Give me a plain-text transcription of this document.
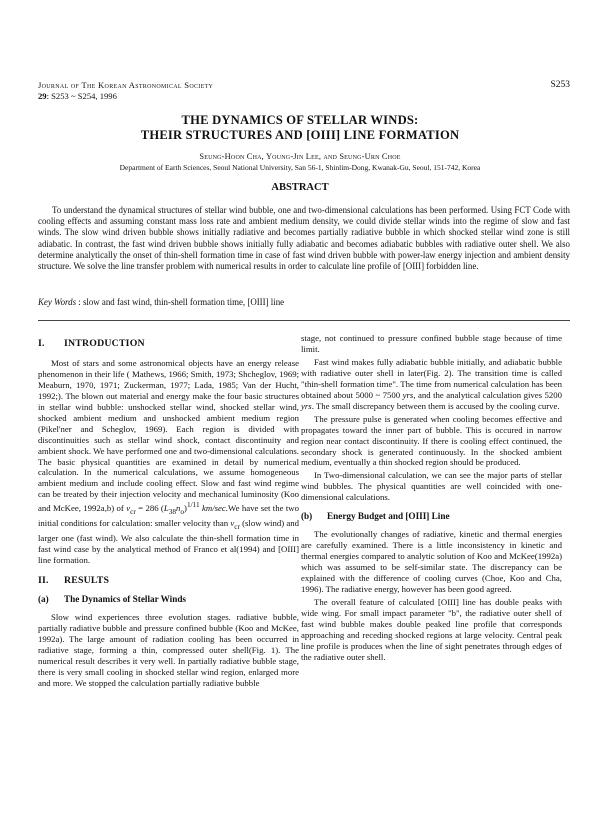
Journal of The Korean Astronomical Society
29: S253 ~ S254, 1996
S253
THE DYNAMICS OF STELLAR WINDS:
THEIR STRUCTURES AND [OIII] LINE FORMATION
Seung-Hoon Cha, Young-Jin Lee, and Seung-Urn Choe
Department of Earth Sciences, Seoul National University, San 56-1, Shinlim-Dong, Kwanak-Gu, Seoul, 151-742, Korea
ABSTRACT

To understand the dynamical structures of stellar wind bubble, one and two-dimensional calculations has been performed. Using FCT Code with cooling effects and assuming constant mass loss rate and ambient medium density, we could divide stellar winds into the regime of slow and fast winds. The slow wind driven bubble shows initially radiative and becomes partially radiative bubble in which shocked stellar wind zone is still adiabatic. In contrast, the fast wind driven bubble shows initially fully adiabatic and becomes adiabatic bubbles with radiative outer shell. We also determine analytically the onset of thin-shell formation time in case of fast wind driven bubble with power-law energy injection and ambient density structure. We solve the line transfer problem with numerical results in order to calculate line profile of [OIII] forbidden line.

Key Words : slow and fast wind, thin-shell formation time, [OIII] line
I. INTRODUCTION

Most of stars and some astronomical objects have an energy release phenomenon in their life ( Mathews, 1966; Smith, 1973; Shcheglov, 1969; Meaburn, 1970, 1971; Zuckerman, 1977; Lada, 1985; Van der Hucht, 1992;). The blown out material and energy make the four basic structures in stellar wind bubble: unshocked stellar wind, shocked stellar wind, shocked ambient medium and unshocked ambient medium region (Pikel'ner and Scheglov, 1969). Each region is divided with discontinuities such as stellar wind shock, contact discontinuity and ambient shock. We have performed one and two-dimensional calculations. The basic physical quantities are examined in detail by numerical calculation. In the numerical calculations, we assume homogeneous ambient medium and include cooling effect. Slow and fast wind regime can be treated by their injection velocity and mechanical luminosity (Koo and McKee, 1992a,b) of $v_{cr} = 286$ $(L_{38}n_o)^{1/11}$ km/sec.We have set the two initial conditions for calculation: smaller velocity than $v_{cr}$ (slow wind) and larger one (fast wind). We also calculate the thin-shell formation time in fast wind case by the analytical method of Franco et al(1994) and [OIII] line formation.

II. RESULTS
(a) The Dynamics of Stellar Winds

Slow wind experiences three evolution stages. radiative bubble, partially radiative bubble and pressure confined bubble (Koo and McKee, 1992a). The large amount of radiation cooling has been occurred in radiative stage, forming a thin, compressed outer shell(Fig. 1). The numerical result describes it very well. In partially radiative bubble stage, there is very small cooling in shocked stellar wind region, enlarged more and more. We stopped the calculation partially radiative bubble

stage, not continued to pressure confined bubble stage because of time limit.

Fast wind makes fully adiabatic bubble initially, and adiabatic bubble with radiative outer shell in later(Fig. 2). The transition time is called "thin-shell formation time". The time from numerical calculation has been obtained about 5000 ~ 7500 yrs, and the analytical calculation gives 5200 yrs. The small discrepancy between them is accused by the cooling curve.

The pressure pulse is generated when cooling becomes effective and propagates toward the inner part of bubble. This is occured in narrow region near contact discontinuity. If there is cooling effect continued, the secondary shock is generated continuously. In the shocked ambient medium, eventually a thin shocked region should be produced.

In Two-dimensional calculation, we can see the major parts of stellar wind bubbles. The physical quantities are well coincided with one-dimensional calculations.

(b) Energy Budget and [OIII] Line

The evolutionally changes of radiative, kinetic and thermal energies are carefully examined. There is a little inconsistency in kinetic and thermal energies compared to analytic solution of Koo and McKee(1992a) which was assumed to be self-similar state. The discrepancy can be explained with the difference of cooling curves (Choe, Koo and Cha, 1996). The radiative energy, however has been good agreed.

The overall feature of calculated [OIII] line has double peaks with wide wing. For small impact parameter "b", the radiative outer shell of fast wind bubble makes double peaked line profile that corresponds approaching and receding shocked regions at large velocity. Central peak line profile is produces when the line of sight penetrates through edges of the radiative outer shell.
